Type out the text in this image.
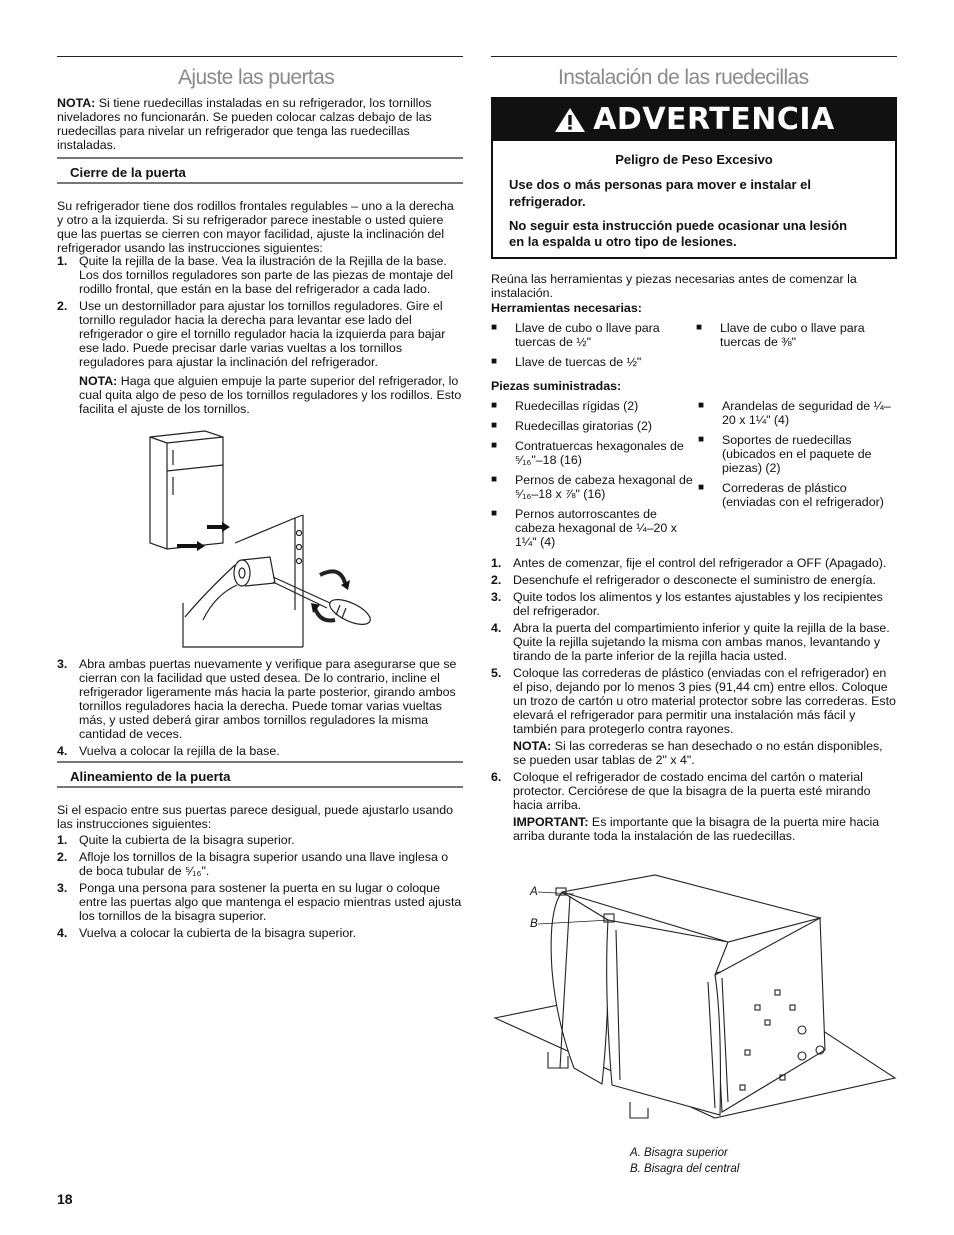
Ajuste las puertas

NOTA: Si tiene ruedecillas instaladas en su refrigerador, los tornillos niveladores no funcionarán. Se pueden colocar calzas debajo de las ruedecillas para nivelar un refrigerador que tenga las ruedecillas instaladas.

Cierre de la puerta

Su refrigerador tiene dos rodillos frontales regulables – uno a la derecha y otro a la izquierda. Si su refrigerador parece inestable o usted quiere que las puertas se cierren con mayor facilidad, ajuste la inclinación del refrigerador usando las instrucciones siguientes:

1. Quite la rejilla de la base. Vea la ilustración de la Rejilla de la base. Los dos tornillos reguladores son parte de las piezas de montaje del rodillo frontal, que están en la base del refrigerador a cada lado.
2. Use un destornillador para ajustar los tornillos reguladores. Gire el tornillo regulador hacia la derecha para levantar ese lado del refrigerador o gire el tornillo regulador hacia la izquierda para bajar ese lado. Puede precisar darle varias vueltas a los tornillos reguladores para ajustar la inclinación del refrigerador.
NOTA: Haga que alguien empuje la parte superior del refrigerador, lo cual quita algo de peso de los tornillos reguladores y los rodillos. Esto facilita el ajuste de los tornillos.
3. Abra ambas puertas nuevamente y verifique para asegurarse que se cierran con la facilidad que usted desea. De lo contrario, incline el refrigerador ligeramente más hacia la parte posterior, girando ambos tornillos reguladores hacia la derecha. Puede tomar varias vueltas más, y usted deberá girar ambos tornillos reguladores la misma cantidad de veces.
4. Vuelva a colocar la rejilla de la base.
Alineamiento de la puerta

Si el espacio entre sus puertas parece desigual, puede ajustarlo usando las instrucciones siguientes:

1. Quite la cubierta de la bisagra superior.
2. Afloje los tornillos de la bisagra superior usando una llave inglesa o de boca tubular de ⁵⁄₁₆".
3. Ponga una persona para sostener la puerta en su lugar o coloque entre las puertas algo que mantenga el espacio mientras usted ajusta los tornillos de la bisagra superior.
4. Vuelva a colocar la cubierta de la bisagra superior.
18
Instalación de las ruedecillas
ADVERTENCIA
Peligro de Peso Excesivo
Use dos o más personas para mover e instalar el refrigerador.
No seguir esta instrucción puede ocasionar una lesión en la espalda u otro tipo de lesiones.

Reúna las herramientas y piezas necesarias antes de comenzar la instalación.

Herramientas necesarias:
■ Llave de cubo o llave para tuercas de ½"
■ Llave de tuercas de ½"
■ Llave de cubo o llave para tuercas de ⅜"
Piezas suministradas:
■ Ruedecillas rígidas (2)
■ Ruedecillas giratorias (2)
■ Contratuercas hexagonales de ⁵⁄₁₆"–18 (16)
■ Pernos de cabeza hexagonal de ⁵⁄₁₆–18 x ⅞" (16)
■ Pernos autorroscantes de cabeza hexagonal de ¼–20 x 1¼" (4)
■ Arandelas de seguridad de ¼–20 x 1¼" (4)
■ Soportes de ruedecillas (ubicados en el paquete de piezas) (2)
■ Correderas de plástico (enviadas con el refrigerador)
1. Antes de comenzar, fije el control del refrigerador a OFF (Apagado).
2. Desenchufe el refrigerador o desconecte el suministro de energía.
3. Quite todos los alimentos y los estantes ajustables y los recipientes del refrigerador.
4. Abra la puerta del compartimiento inferior y quite la rejilla de la base. Quite la rejilla sujetando la misma con ambas manos, levantando y tirando de la parte inferior de la rejilla hacia usted.
5. Coloque las correderas de plástico (enviadas con el refrigerador) en el piso, dejando por lo menos 3 pies (91,44 cm) entre ellos. Coloque un trozo de cartón u otro material protector sobre las correderas. Esto elevará el refrigerador para permitir una instalación más fácil y también para protegerlo contra rayones.
NOTA: Si las correderas se han desechado o no están disponibles, se pueden usar tablas de 2" x 4".
6. Coloque el refrigerador de costado encima del cartón o material protector. Cerciórese de que la bisagra de la puerta esté mirando hacia arriba.
IMPORTANT: Es importante que la bisagra de la puerta mire hacia arriba durante toda la instalación de las ruedecillas.
A
B
A. Bisagra superior
B. Bisagra del central
